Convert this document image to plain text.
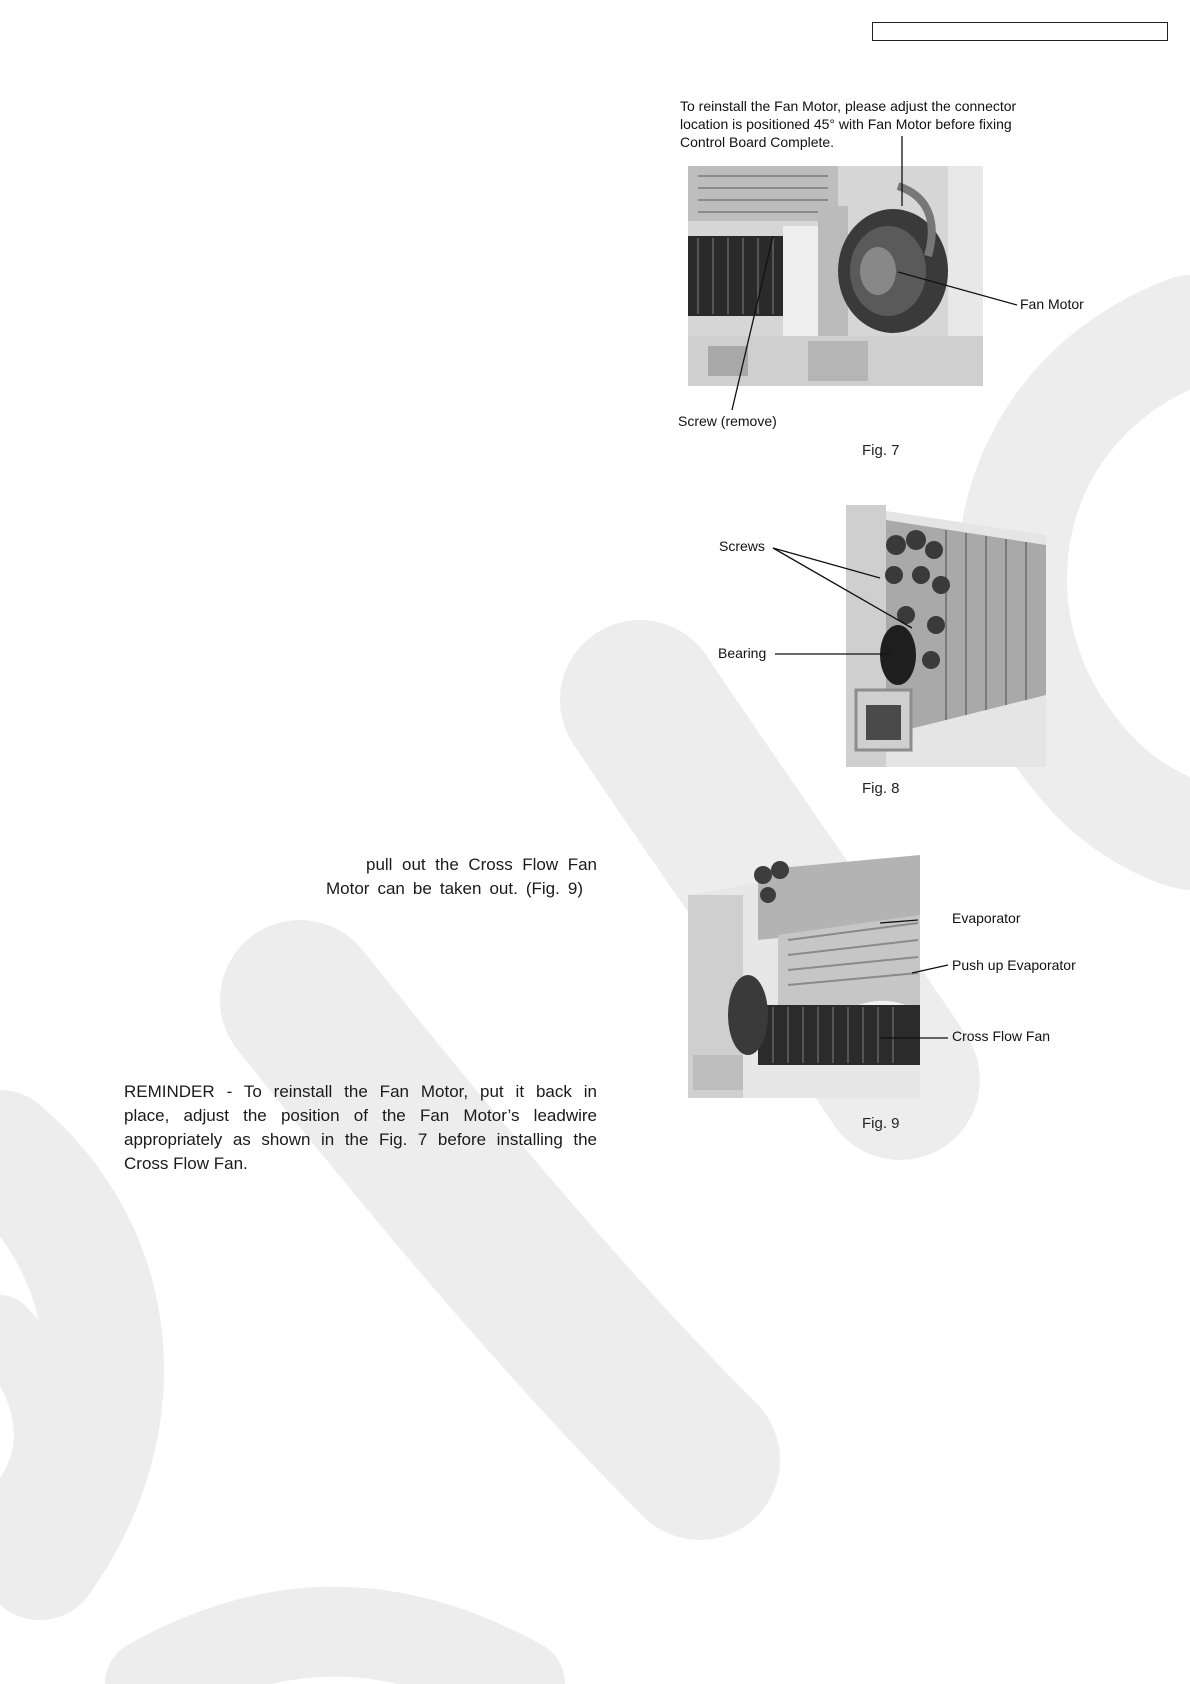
pull out the Cross Flow Fan
Motor can be taken out. (Fig. 9)
REMINDER - To reinstall the Fan Motor, put it back in
place, adjust the position of the Fan Motor’s leadwire
appropriately as shown in the Fig. 7 before installing the
Cross Flow Fan.
To reinstall the Fan Motor, please adjust the connector
location is positioned 45° with Fan Motor before fixing
Control Board Complete.
Fan Motor
Screw (remove)
Fig. 7
Screws
Bearing
Fig. 8
Evaporator
Push up Evaporator
Cross Flow Fan
Fig. 9
